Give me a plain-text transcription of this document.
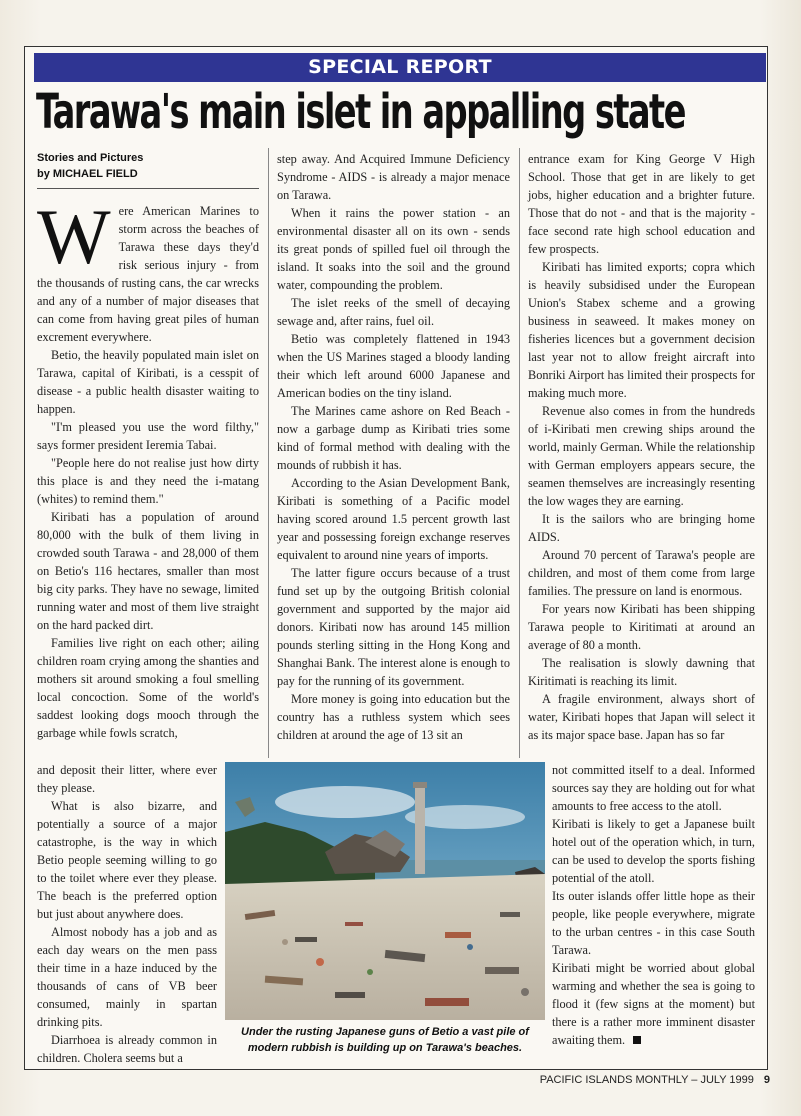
SPECIAL REPORT
Tarawa's main islet in appalling state
Stories and Pictures
by MICHAEL FIELD

Were American Marines to storm across the beaches of Tarawa these days they'd risk serious injury - from the thousands of rusting cans, the car wrecks and any of a number of major diseases that can come from having great piles of human excrement everywhere.

Betio, the heavily populated main islet on Tarawa, capital of Kiribati, is a cesspit of disease - a public health disaster waiting to happen.

"I'm pleased you use the word filthy," says former president Ieremia Tabai.

"People here do not realise just how dirty this place is and they need the i-matang (whites) to remind them."

Kiribati has a population of around 80,000 with the bulk of them living in crowded south Tarawa - and 28,000 of them on Betio's 116 hectares, smaller than most big city parks. They have no sewage, limited running water and most of them live straight on the hard packed dirt.

Families live right on each other; ailing children roam crying among the shanties and mothers sit around smoking a foul smelling local concoction. Some of the world's saddest looking dogs mooch through the garbage while fowls scratch,

and deposit their litter, where ever they please.

What is also bizarre, and potentially a source of a major catastrophe, is the way in which Betio people seeming willing to go to the toilet where ever they please. The beach is the preferred option but just about anywhere does.

Almost nobody has a job and as each day wears on the men pass their time in a haze induced by the thousands of cans of VB beer consumed, mainly in spartan drinking pits.

Diarrhoea is already common in children. Cholera seems but a

step away. And Acquired Immune Deficiency Syndrome - AIDS - is already a major menace on Tarawa.

When it rains the power station - an environmental disaster all on its own - sends its great ponds of spilled fuel oil through the island. It soaks into the soil and the ground water, compounding the problem.

The islet reeks of the smell of decaying sewage and, after rains, fuel oil.

Betio was completely flattened in 1943 when the US Marines staged a bloody landing their which left around 6000 Japanese and American bodies on the tiny island.

The Marines came ashore on Red Beach - now a garbage dump as Kiribati tries some kind of formal method with dealing with the mounds of rubbish it has.

According to the Asian Development Bank, Kiribati is something of a Pacific model having scored around 1.5 percent growth last year and possessing foreign exchange reserves equivalent to around nine years of imports.

The latter figure occurs because of a trust fund set up by the outgoing British colonial government and supported by the major aid donors. Kiribati now has around 145 million pounds sterling sitting in the Hong Kong and Shanghai Bank. The interest alone is enough to pay for the running of its government.

More money is going into education but the country has a ruthless system which sees children at around the age of 13 sit an

entrance exam for King George V High School. Those that get in are likely to get jobs, higher education and a brighter future. Those that do not - and that is the majority - face second rate high school education and few prospects.

Kiribati has limited exports; copra which is heavily subsidised under the European Union's Stabex scheme and a growing business in seaweed. It makes money on fisheries licences but a government decision last year not to allow freight aircraft into Bonriki Airport has limited their prospects for making much more.

Revenue also comes in from the hundreds of i-Kiribati men crewing ships around the world, mainly German. While the relationship with German employers appears secure, the seamen themselves are increasingly resenting the low wages they are earning.

It is the sailors who are bringing home AIDS.

Around 70 percent of Tarawa's people are children, and most of them come from large families. The pressure on land is enormous.

For years now Kiribati has been shipping Tarawa people to Kiritimati at around an average of 80 a month.

The realisation is slowly dawning that Kiritimati is reaching its limit.

A fragile environment, always short of water, Kiribati hopes that Japan will select it as its major space base. Japan has so far

not committed itself to a deal. Informed sources say they are holding out for what amounts to free access to the atoll.

Kiribati is likely to get a Japanese built hotel out of the operation which, in turn, can be used to develop the sports fishing potential of the atoll.

Its outer islands offer little hope as their people, like people everywhere, migrate to the urban centres - in this case South Tarawa.

Kiribati might be worried about global warming and whether the sea is going to flood it (few signs at the moment) but there is a rather more imminent disaster awaiting them.

Under the rusting Japanese guns of Betio a vast pile of modern rubbish is building up on Tarawa's beaches.
PACIFIC ISLANDS MONTHLY – JULY 1999 9
